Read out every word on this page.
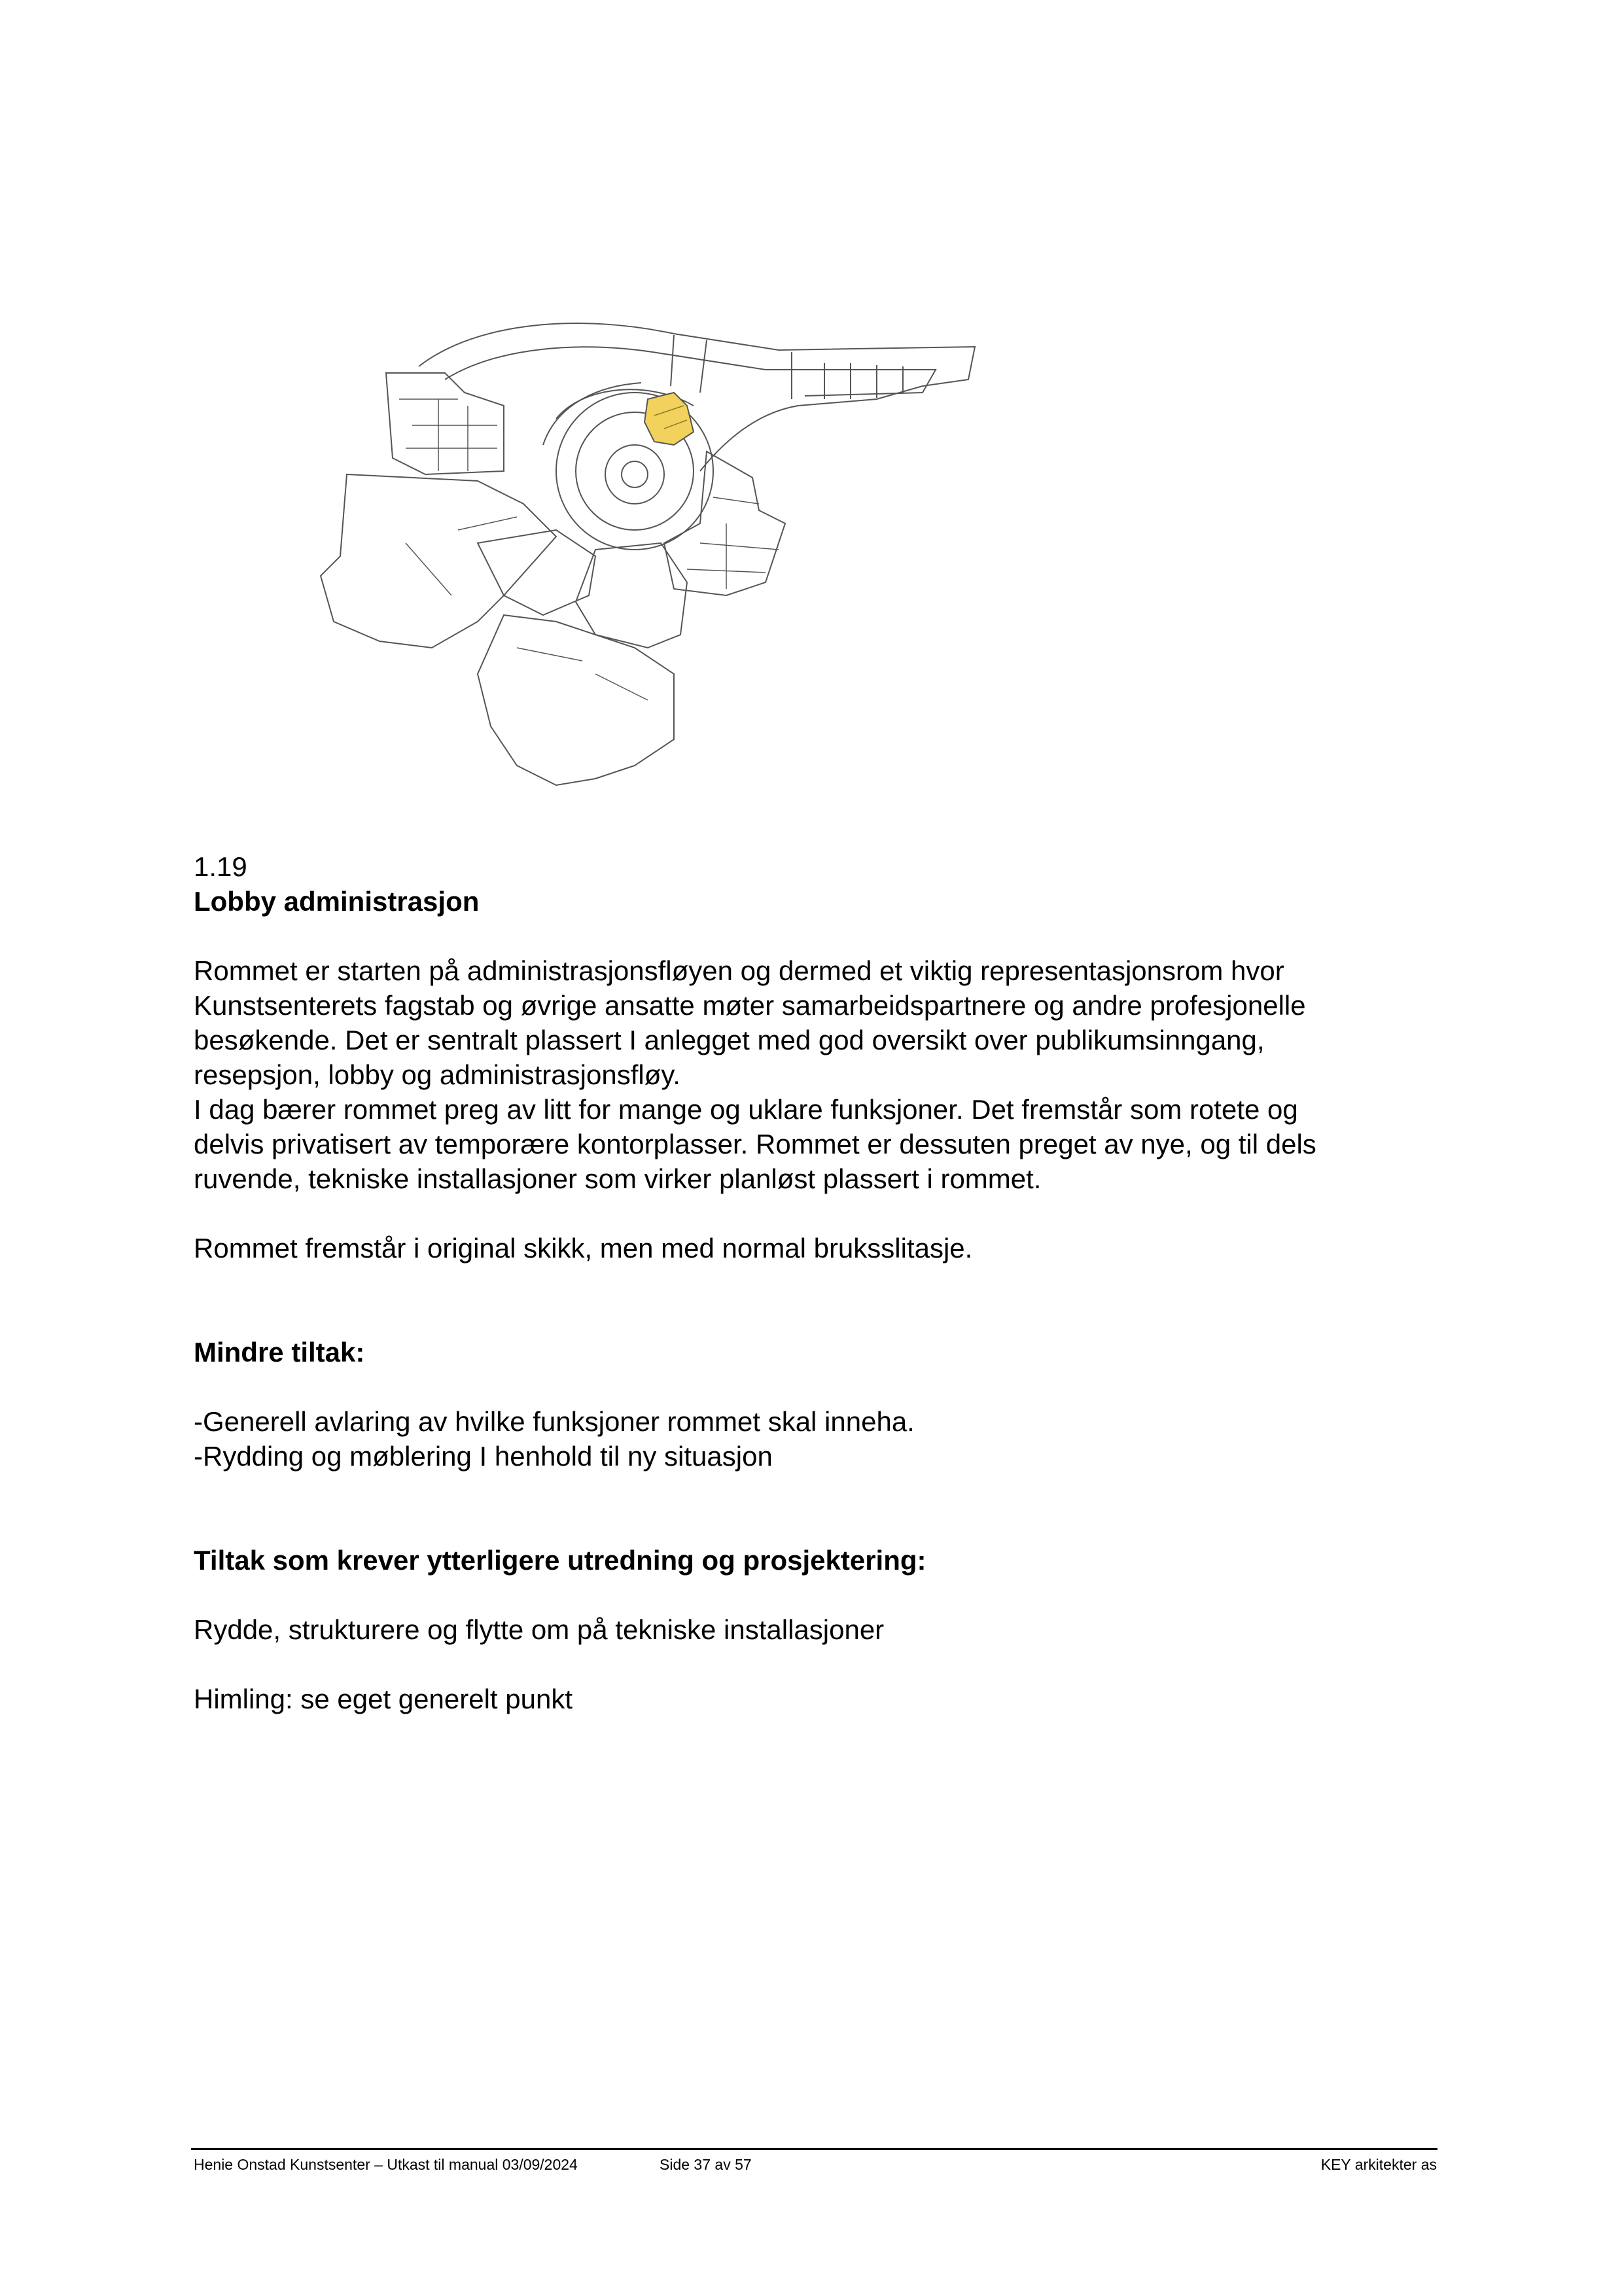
1.19

Lobby administrasjon

Rommet er starten på administrasjonsfløyen og dermed et viktig representasjonsrom hvor

Kunstsenterets fagstab og øvrige ansatte møter samarbeidspartnere og andre profesjonelle

besøkende. Det er sentralt plassert I anlegget med god oversikt over publikumsinngang,

resepsjon, lobby og administrasjonsfløy.

I dag bærer rommet preg av litt for mange og uklare funksjoner. Det fremstår som rotete og

delvis privatisert av temporære kontorplasser. Rommet er dessuten preget av nye, og til dels

ruvende, tekniske installasjoner som virker planløst plassert i rommet.

Rommet fremstår i original skikk, men med normal bruksslitasje.

Mindre tiltak:

-Generell avlaring av hvilke funksjoner rommet skal inneha.

-Rydding og møblering I henhold til ny situasjon

Tiltak som krever ytterligere utredning og prosjektering:

Rydde, strukturere og flytte om på tekniske installasjoner

Himling: se eget generelt punkt

Henie Onstad Kunstsenter – Utkast til manual 03/09/2024	Side 37 av 57	KEY arkitekter as
